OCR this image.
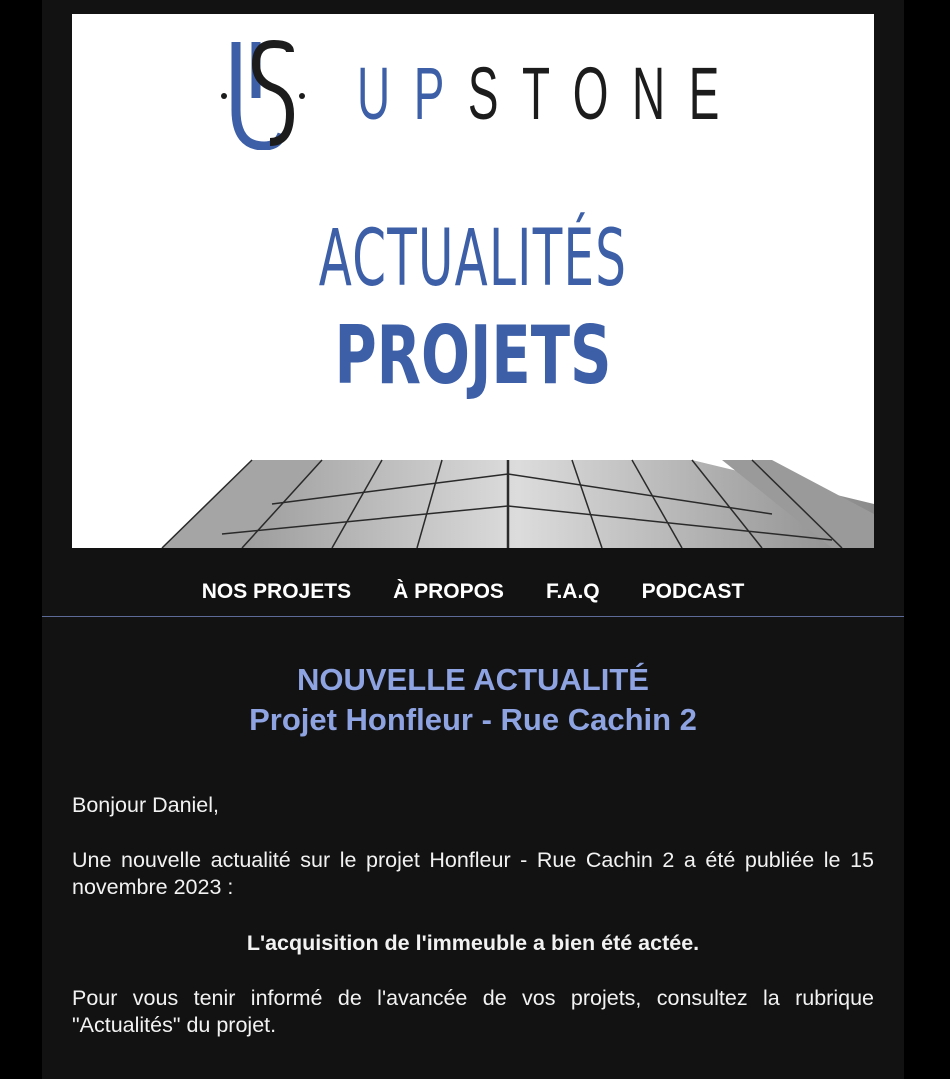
UPSTONE
ACTUALITÉS
PROJETS
NOS PROJETS À PROPOS F.A.Q PODCAST
NOUVELLE ACTUALITÉ
Projet Honfleur - Rue Cachin 2
Bonjour Daniel,
Une nouvelle actualité sur le projet Honfleur - Rue Cachin 2 a été publiée le 15 novembre 2023 :
L'acquisition de l'immeuble a bien été actée.
Pour vous tenir informé de l'avancée de vos projets, consultez la rubrique "Actualités" du projet.
